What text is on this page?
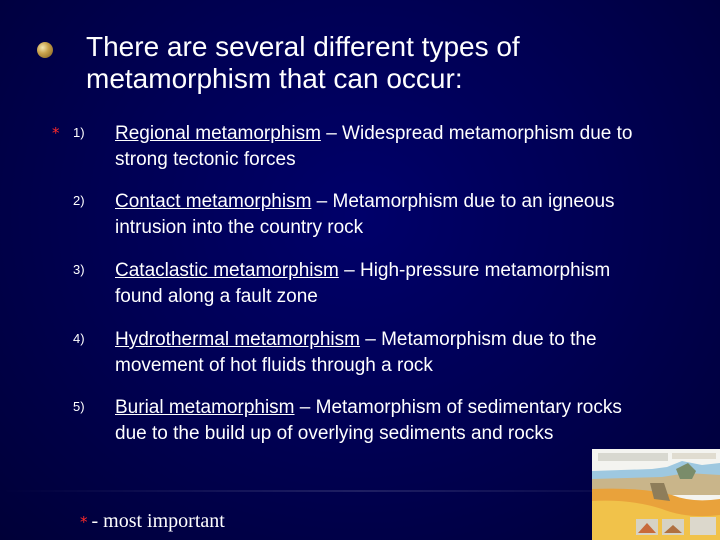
There are several different types of metamorphism that can occur:
* 1) Regional metamorphism – Widespread metamorphism due to strong tectonic forces
2) Contact metamorphism – Metamorphism due to an igneous intrusion into the country rock
3) Cataclastic metamorphism – High-pressure metamorphism found along a fault zone
4) Hydrothermal metamorphism – Metamorphism due to the movement of hot fluids through a rock
5) Burial metamorphism – Metamorphism of sedimentary rocks due to the build up of overlying sediments and rocks
* - most important
